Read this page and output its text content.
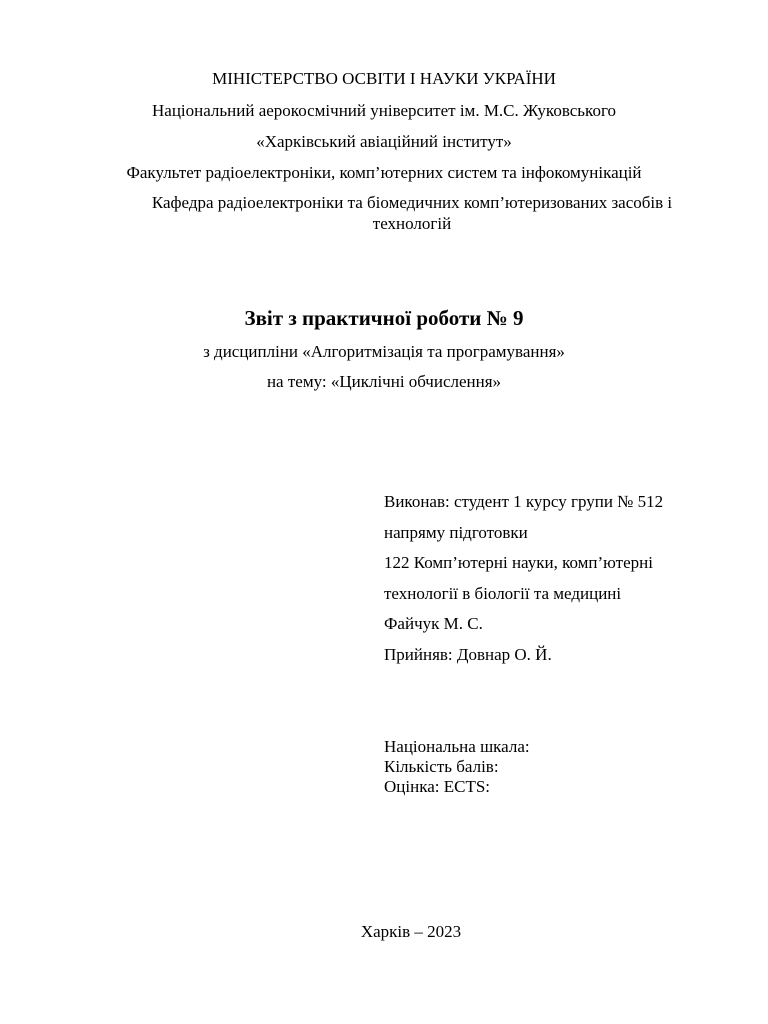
МІНІСТЕРСТВО ОСВІТИ І НАУКИ УКРАЇНИ
Національний аерокосмічний університет ім. М.С. Жуковського
«Харківський авіаційний інститут»
Факультет радіоелектроніки, комп’ютерних систем та інфокомунікацій
Кафедра радіоелектроніки та біомедичних комп’ютеризованих засобів і технологій
Звіт з практичної роботи № 9
з дисципліни «Алгоритмізація та програмування»
на тему: «Циклічні обчислення»
Виконав: студент 1 курсу групи № 512
напряму підготовки
122 Комп’ютерні науки, комп’ютерні
технології в біології та медицині
Файчук М. С.
Прийняв: Довнар О. Й.
Національна шкала:
Кількість балів:
Оцінка: ECTS:
Харків – 2023
